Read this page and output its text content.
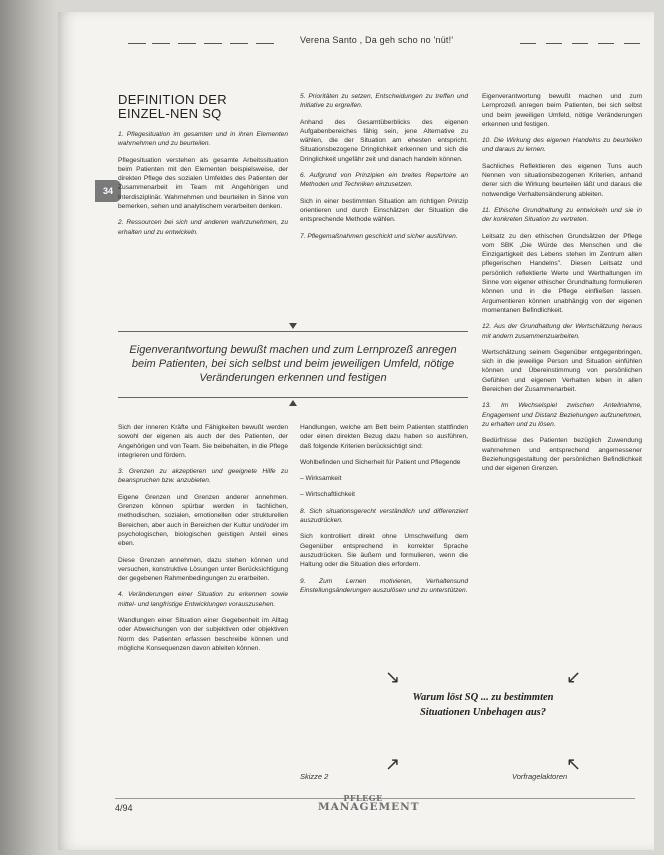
Verena Santo , Da geh scho no 'nüt!'
34
DEFINITION DER EINZEL-NEN SQ

1. Pflegesituation im gesamten und in ihren Elementen wahrnehmen und zu beurteilen.

Pflegesituation verstehen als gesamte Arbeitssituation beim Patienten mit den Elementen beispielsweise, der direkten Pflege des sozialen Umfeldes des Patienten der Zusammenarbeit im Team mit Angehörigen und Interdisziplinär. Wahrnehmen und beurteilen in Sinne von bemerken, sehen und analytischem verarbeiten denken.

2. Ressourcen bei sich und anderen wahrzunehmen, zu erhalten und zu entwickeln.

5. Prioritäten zu setzen, Entscheidungen zu treffen und Initiative zu ergreifen.

Anhand des Gesamtüberblicks des eigenen Aufgabenbereiches fähig sein, jene Alternative zu wählen, die der Situation am ehesten entspricht. Situationsbezogene Dringlichkeit erkennen und sich die Dringlichkeit ungefähr zeit und danach handeln können.

6. Aufgrund von Prinzipien ein breites Repertoire an Methoden und Techniken einzusetzen.

Sich in einer bestimmten Situation am richtigen Prinzip orientieren und durch Einschätzen der Situation die entsprechende Methode wählen.

7. Pflegemaßnahmen geschickt und sicher ausführen.

Eigenverantwortung bewußt machen und zum Lernprozeß anregen beim Patienten, bei sich selbst und beim jeweiligen Umfeld, nötige Veränderungen erkennen und festigen

Sich der inneren Kräfte und Fähigkeiten bewußt werden sowohl der eigenen als auch der des Patienten, der Angehörigen und von Team. Sie beibehalten, in die Pflege integrieren und fördern.

3. Grenzen zu akzeptieren und geeignete Hilfe zu beanspruchen bzw. anzubieten.

Eigene Grenzen und Grenzen anderer annehmen. Grenzen können spürbar werden in fachlichen, methodischen, sozialen, emotionellen oder strukturellen Bereichen, aber auch in Bereichen der Kultur und/oder im psychologischen, biologischen geistigen Anteil eines eben.

Diese Grenzen annehmen, dazu stehen können und versuchen, konstruktive Lösungen unter Berücksichtigung der gegebenen Rahmenbedingungen zu erarbeiten.

4. Veränderungen einer Situation zu erkennen sowie mittel- und langfristige Entwicklungen vorauszusehen.

Wandlungen einer Situation einer Gegebenheit im Alltag oder Abweichungen von der subjektiven oder objektiven Norm des Patienten erfassen beschreibe können und mögliche Konsequenzen davon ableiten können.

Handlungen, welche am Bett beim Patienten stattfinden oder einen direkten Bezug dazu haben so ausführen, daß folgende Kriterien berücksichtigt sind:

Wohlbefinden und Sicherheit für Patient und Pflegende

– Wirksamkeit

– Wirtschaftlichkeit

8. Sich situationsgerecht verständlich und differenziert auszudrücken.

Sich kontrolliert direkt ohne Umschweifung dem Gegenüber entsprechend in korrekter Sprache auszudrücken. Sie äußern und formulieren, wenn die Haltung oder die Situation dies erfordern.

9. Zum Lernen motivieren, Verhaltensund Einstellungsänderungen auszulösen und zu unterstützen.

Eigenverantwortung bewußt machen und zum Lernprozeß anregen beim Patienten, bei sich selbst und beim jeweiligen Umfeld, nötige Veränderungen erkennen und festigen.

10. Die Wirkung des eigenen Handelns zu beurteilen und daraus zu lernen.

Sachliches Reflektieren des eigenen Tuns auch Nennen von situationsbezogenen Kriterien, anhand derer sich die Wirkung beurteilen läßt und daraus die notwendige Verhaltensänderung ableiten.

11. Ethische Grundhaltung zu entwickeln und sie in der konkreten Situation zu vertreten.

Leitsatz zu den ethischen Grundsätzen der Pflege vom SBK „Die Würde des Menschen und die Einzigartigkeit des Lebens stehen im Zentrum allen pflegerischen Handelns". Diesen Leitsatz und persönlich reflektierte Werte und Werthaltungen im Sinne von eigener ethischer Grundhaltung formulieren können und in die Pflege einfließen lassen. Argumentieren können unabhängig von der eigenen momentanen Befindlichkeit.

12. Aus der Grundhaltung der Wertschätzung heraus mit andern zusammenzuarbeiten.

Wertschätzung seinem Gegenüber entgegenbringen, sich in die jeweilige Person und Situation einfühlen können und Übereinstimmung von persönlichen Gefühlen und eigenem Verhalten leben in allen Bereichen der Zusammenarbeit.

13. Im Wechselspiel zwischen Anteilnahme, Engagement und Distanz Beziehungen aufzunehmen, zu erhalten und zu lösen.

Bedürfnisse des Patienten bezüglich Zuwendung wahrnehmen und entsprechend angemessener Beziehungsgestaltung der persönlichen Befindlichkeit und der eigenen Grenzen.

↘	↙
Warum löst SQ ... zu bestimmten Situationen Unbehagen aus?
↗	↖
Skizze 2	Vorfragelaktoren
4/94
PFLEGE
MANAGEMENT
